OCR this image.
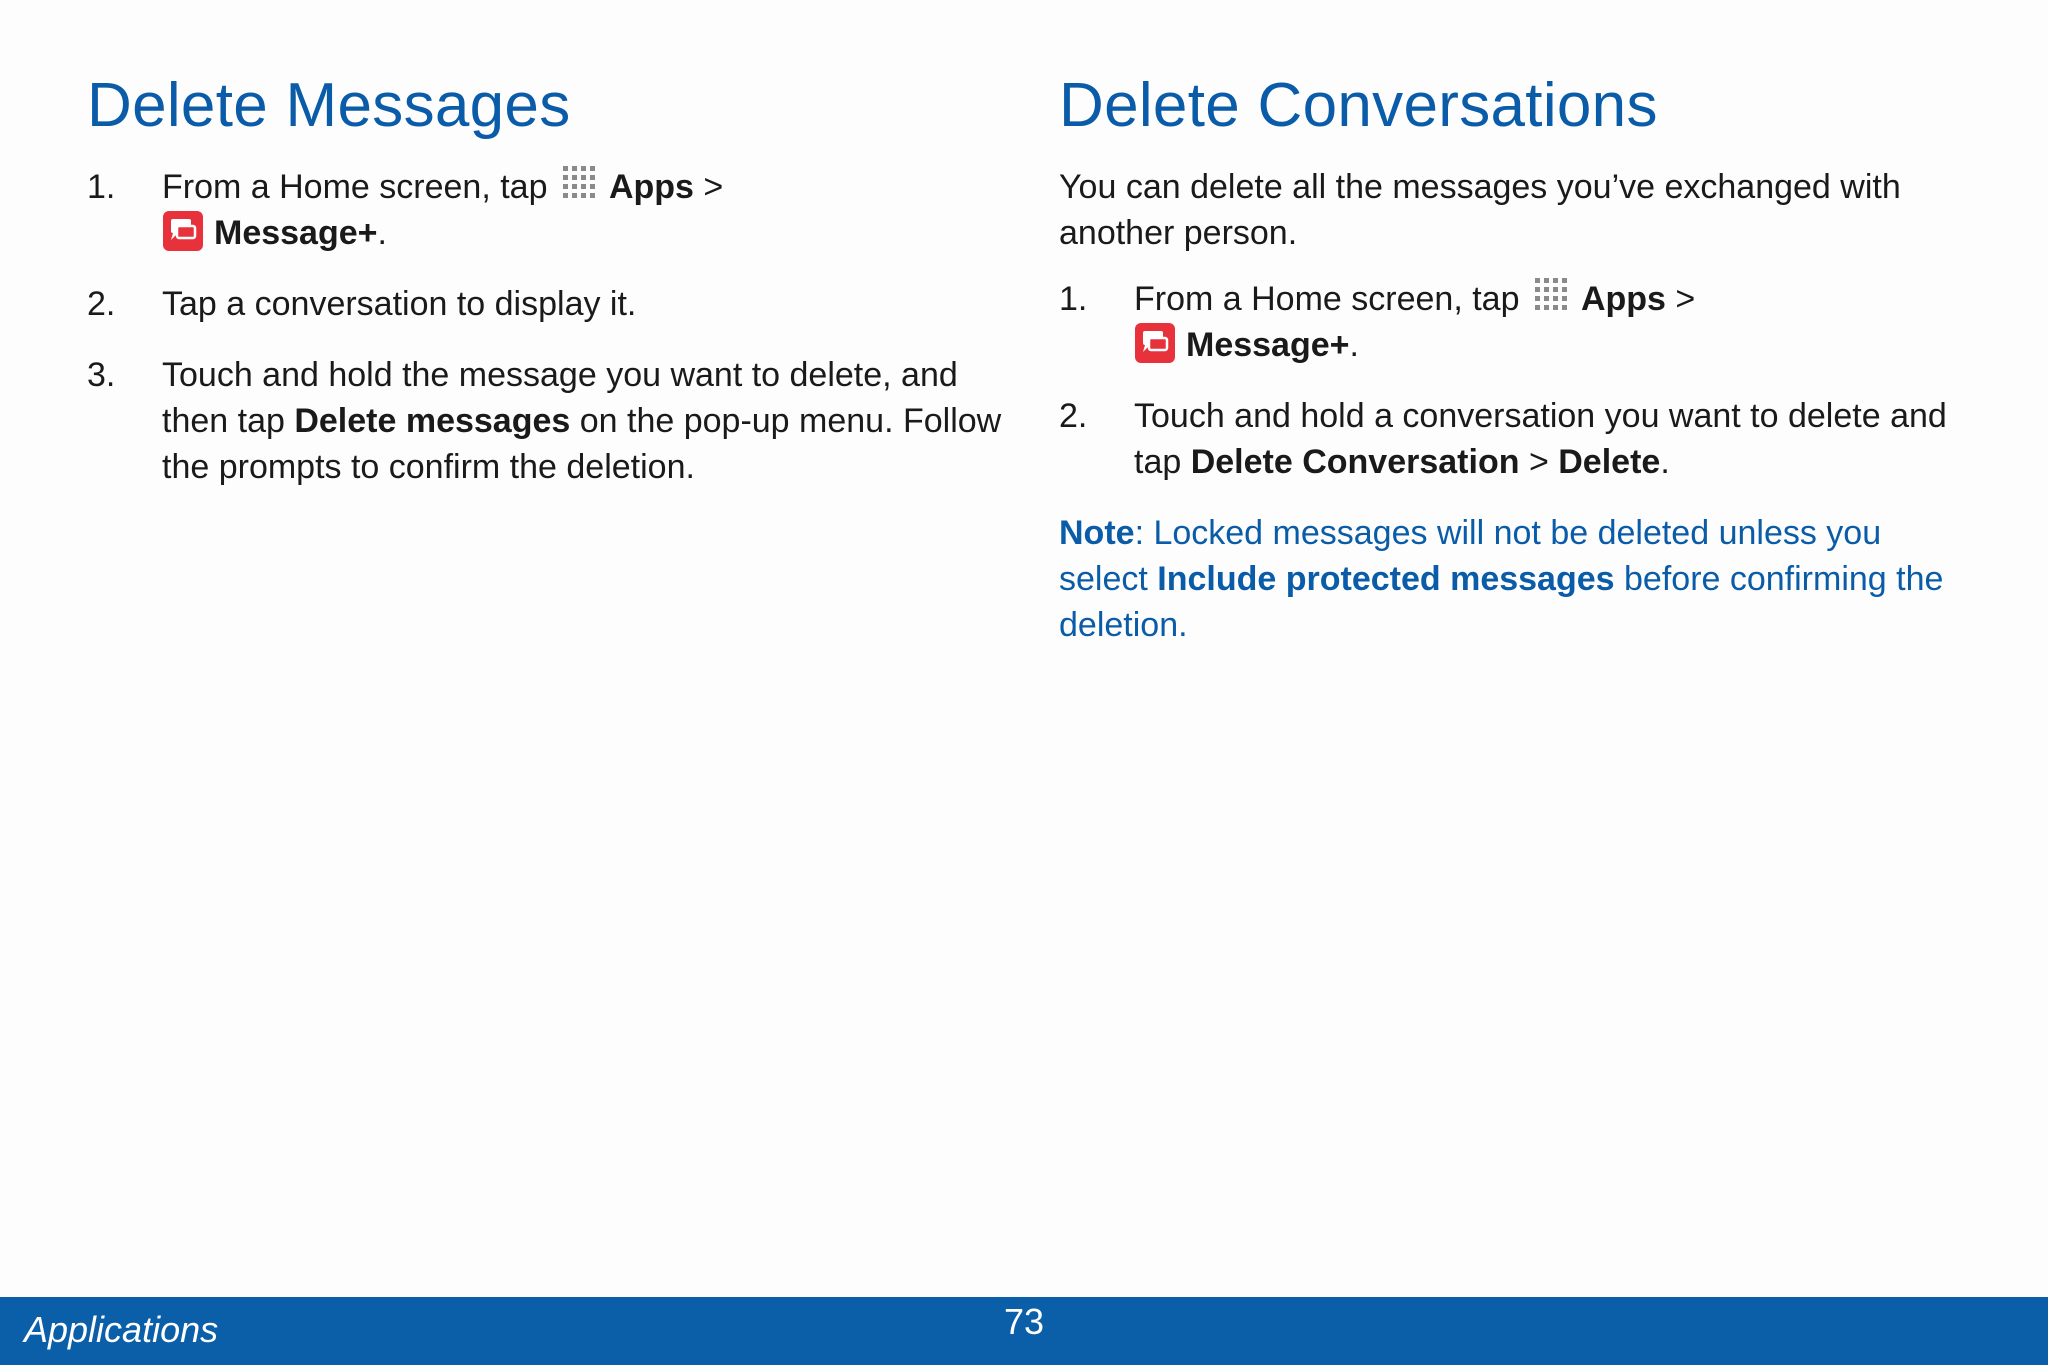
Delete Messages
1. From a Home screen, tap Apps >
Message+.
2. Tap a conversation to display it.
3. Touch and hold the message you want to delete, and then tap Delete messages on the pop-up menu. Follow the prompts to confirm the deletion.
Delete Conversations

You can delete all the messages you’ve exchanged with another person.

1. From a Home screen, tap Apps >
Message+.
2. Touch and hold a conversation you want to delete and tap Delete Conversation > Delete.

Note: Locked messages will not be deleted unless you select Include protected messages before confirming the deletion.

Applications	73
